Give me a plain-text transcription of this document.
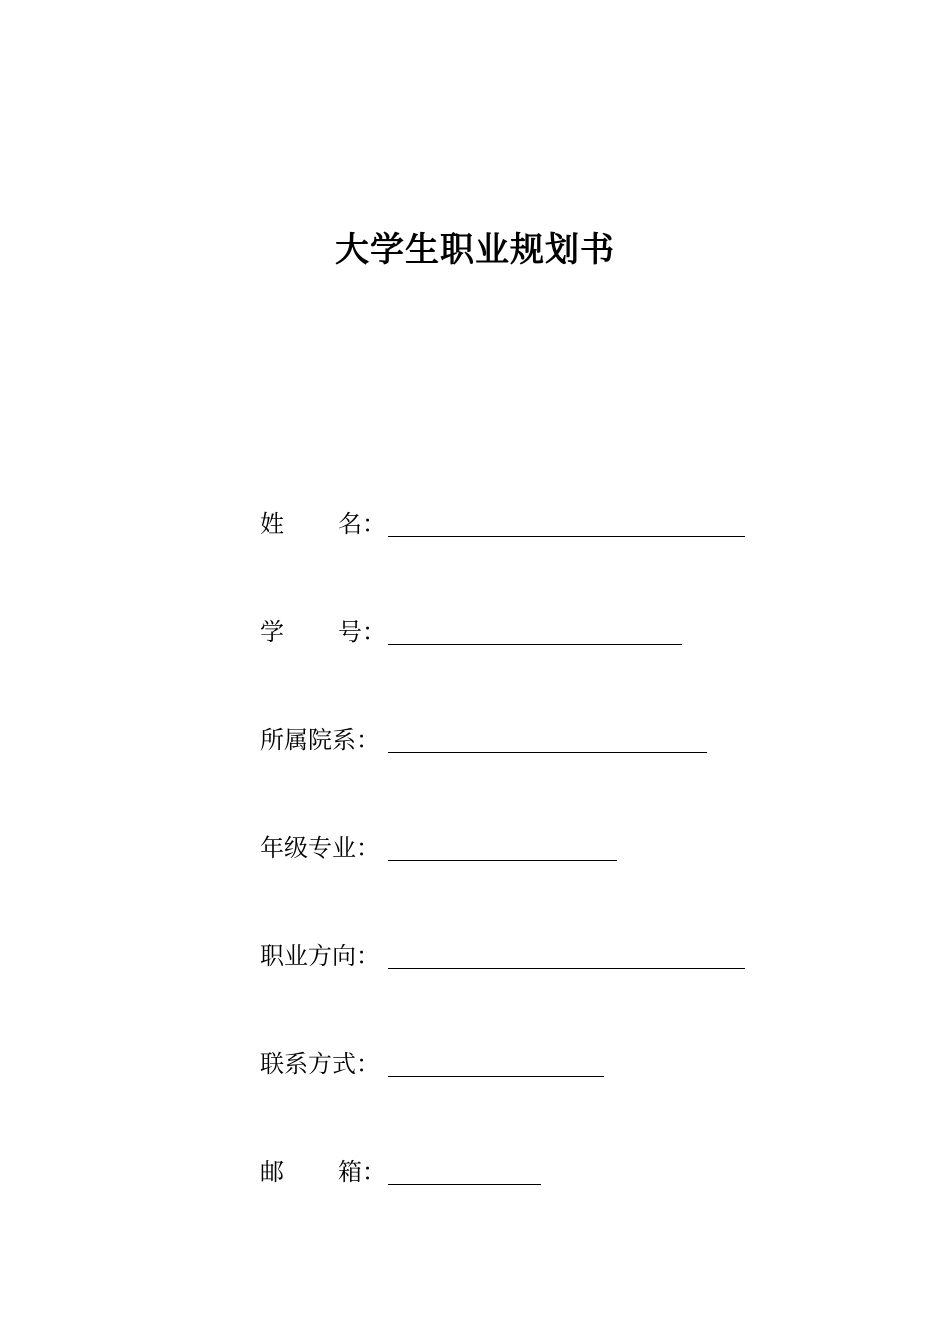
大学生职业规划书
姓 名：
学 号：
所属院系：
年级专业：
职业方向：
联系方式：
邮 箱：
